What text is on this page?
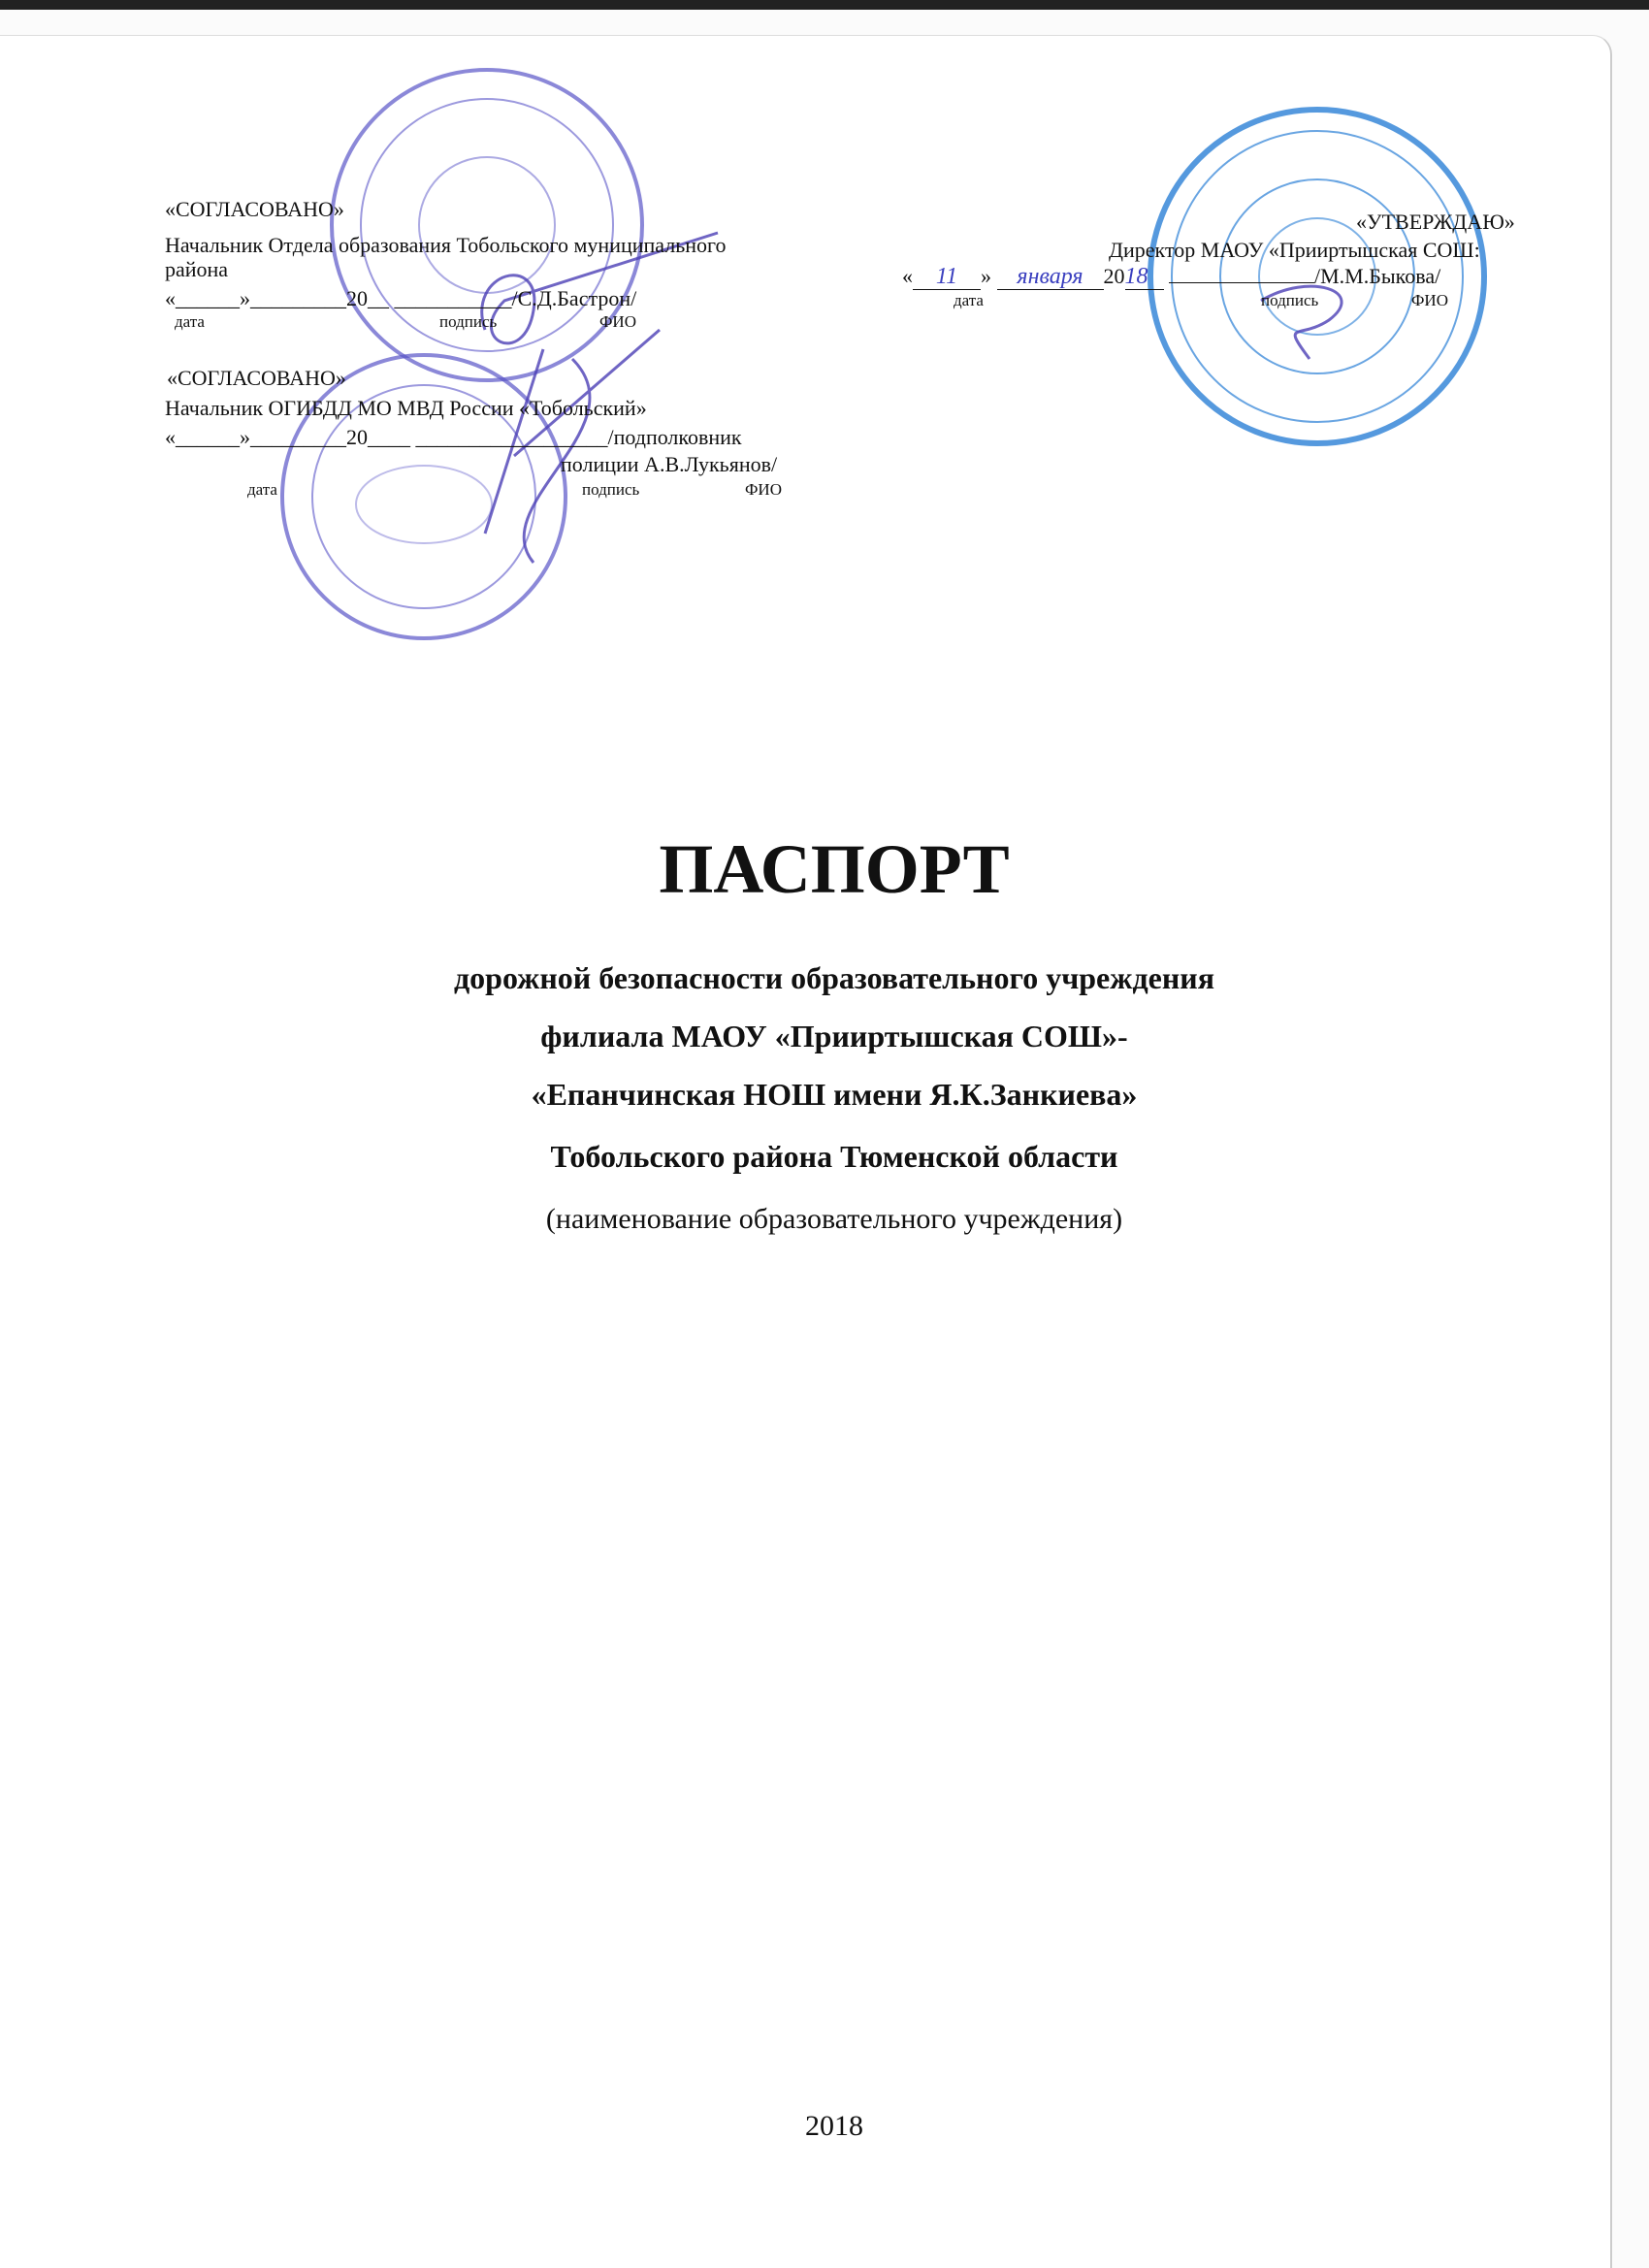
«СОГЛАСОВАНО»
Начальник Отдела образования Тобольского муниципального
района
«______»_________20__ ___________/С.Д.Бастрон/
дата	подпись	ФИО
«СОГЛАСОВАНО»
Начальник ОГИБДД МО МВД России «Тобольский»
«______»_________20____ __________________/подполковник
полиции А.В.Лукьянов/
дата	подпись	ФИО
«УТВЕРЖДАЮ»
Директор МАОУ «Прииртышская СОШ:
« 11 » января 2018	/М.М.Быкова/
дата	подпись	ФИО
ПАСПОРТ
дорожной безопасности образовательного учреждения
филиала МАОУ «Прииртышская СОШ»-
«Епанчинская НОШ имени Я.К.Занкиева»
Тобольского района Тюменской области
(наименование образовательного учреждения)
2018
